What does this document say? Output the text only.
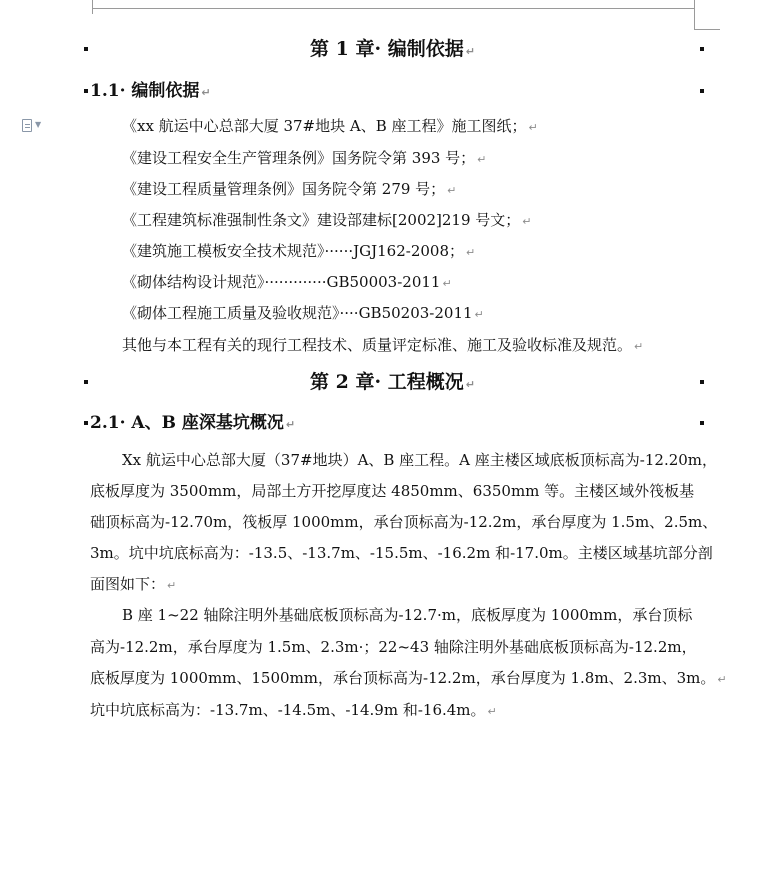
▼
第 1 章· 编制依据 ↵
1.1· 编制依据 ↵
《xx 航运中心总部大厦 37#地块 A、B 座工程》施工图纸； ↵
《建设工程安全生产管理条例》国务院令第 393 号； ↵
《建设工程质量管理条例》国务院令第 279 号； ↵
《工程建筑标准强制性条文》建设部建标[2002]219 号文； ↵
《建筑施工模板安全技术规范》······JGJ162-2008； ↵
《砌体结构设计规范》·············GB50003-2011 ↵
《砌体工程施工质量及验收规范》····GB50203-2011 ↵
其他与本工程有关的现行工程技术、质量评定标准、施工及验收标准及规范。 ↵
第 2 章· 工程概况 ↵
2.1· A、B 座深基坑概况 ↵
Xx 航运中心总部大厦（37#地块）A、B 座工程。A 座主楼区域底板顶标高为-12.20m，
底板厚度为 3500mm，局部土方开挖厚度达 4850mm、6350mm 等。主楼区域外筏板基
础顶标高为-12.70m，筏板厚 1000mm，承台顶标高为-12.2m，承台厚度为 1.5m、2.5m、
3m。坑中坑底标高为：-13.5、-13.7m、-15.5m、-16.2m 和-17.0m。主楼区域基坑部分剖
面图如下： ↵
B 座 1~22 轴除注明外基础底板顶标高为-12.7·m，底板厚度为 1000mm，承台顶标
高为-12.2m，承台厚度为 1.5m、2.3m·；22~43 轴除注明外基础底板顶标高为-12.2m，
底板厚度为 1000mm、1500mm，承台顶标高为-12.2m，承台厚度为 1.8m、2.3m、3m。 ↵
坑中坑底标高为：-13.7m、-14.5m、-14.9m 和-16.4m。 ↵
